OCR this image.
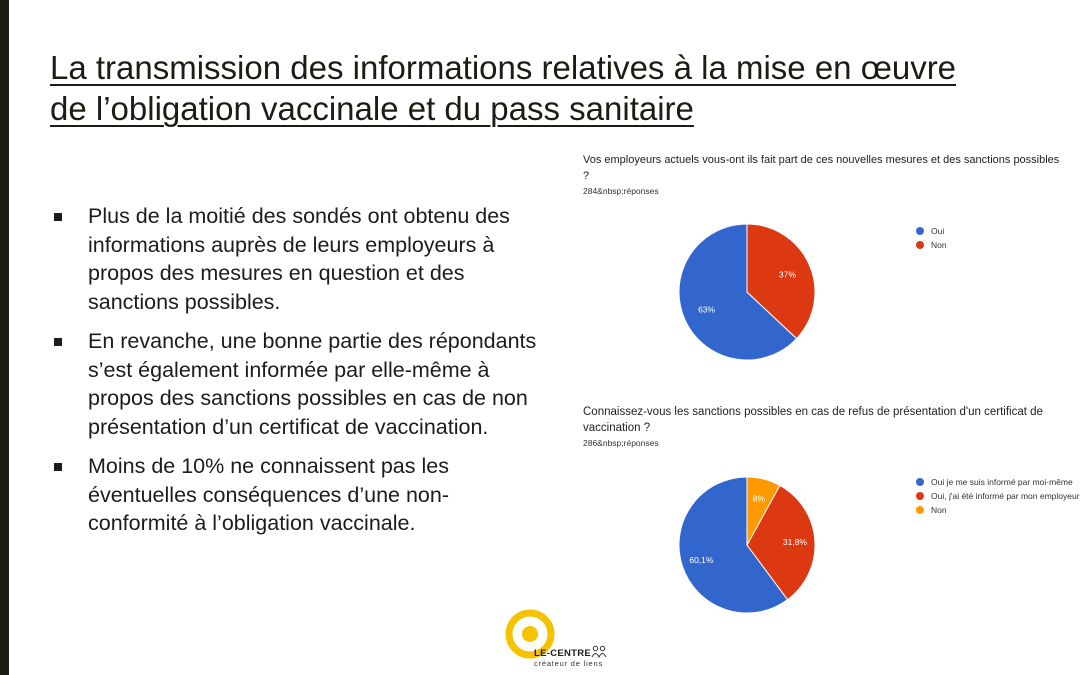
La transmission des informations relatives à la mise en œuvre
de l’obligation vaccinale et du pass sanitaire
Plus de la moitié des sondés ont obtenu des informations auprès de leurs employeurs à propos des mesures en question et des sanctions possibles.
En revanche, une bonne partie des répondants s’est également informée par elle-même à propos des sanctions possibles en cas de non présentation d’un certificat de vaccination.
Moins de 10% ne connaissent pas les éventuelles conséquences d’une non-conformité à l’obligation vaccinale.
Vos employeurs actuels vous-ont ils fait part de ces nouvelles mesures et des sanctions possibles
?
284&nbsp;réponses
63%
37%
Oui
Non
Connaissez-vous les sanctions possibles en cas de refus de présentation d'un certificat de
vaccination ?
286&nbsp;réponses
60,1%
31,8%
8%
Oui je me suis informé par moi-même
Oui, j'ai été informé par mon employeur
Non
LE-CENTRE
créateur de liens
